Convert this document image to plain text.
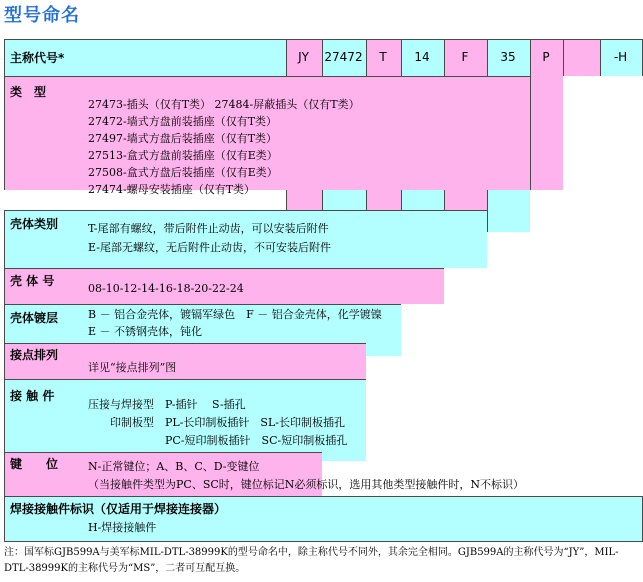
型号命名
主称代号*	JY	27472	T	14	F	35	P	-H
类　型
27473-插头（仅有T类） 27484-屏蔽插头（仅有T类）
27472-墙式方盘前装插座（仅有T类）
27497-墙式方盘后装插座（仅有T类）
27513-盒式方盘前装插座（仅有E类）
27508-盒式方盘后装插座（仅有E类）
27474-螺母安装插座（仅有T类）
壳体类别	T-尾部有螺纹，带后附件止动齿，可以安装后附件
E-尾部无螺纹，无后附件止动齿，不可安装后附件
壳 体 号
08-10-12-14-16-18-20-22-24
壳体镀层	B － 铝合金壳体，镀镉军绿色　F － 铝合金壳体，化学镀镍
E － 不锈钢壳体，钝化
接点排列
详见“接点排列”图
接 触 件
压接与焊接型　P-插针　 S-插孔
　　印制板型　PL-长印制板插针　SL-长印制板插孔
　　　　　　　PC-短印制板插针　SC-短印制板插孔
键　　位	N-正常键位；A、B、C、D-变键位
（当接触件类型为PC、SC时，键位标记N必须标识，选用其他类型接触件时，N不标识）
焊接接触件标识（仅适用于焊接连接器）
H-焊接接触件
注：国军标GJB599A与美军标MIL-DTL-38999K的型号命名中，除主称代号不同外，其余完全相同。GJB599A的主称代号为“JY”，MIL-DTL-38999K的主称代号为“MS”，二者可互配互换。
